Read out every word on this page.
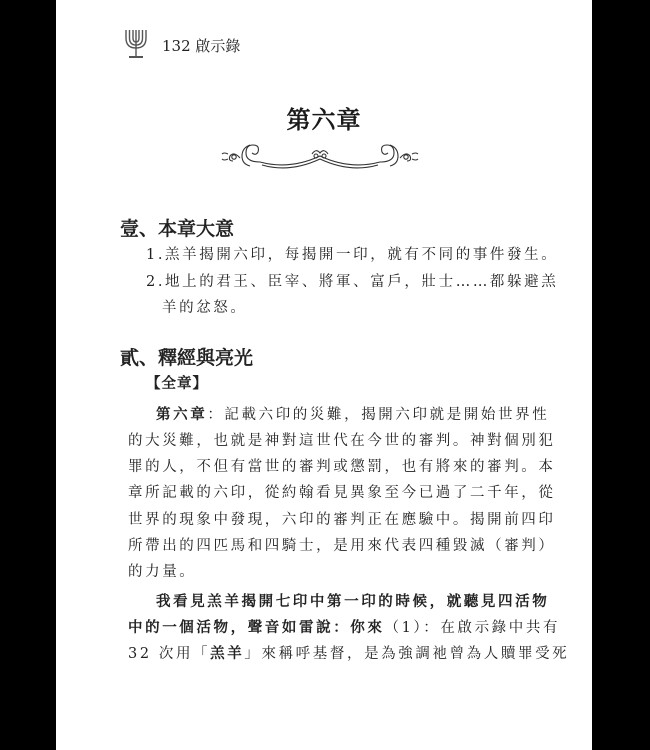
132 啟示錄
第六章
壹、本章大意
1.羔羊揭開六印，每揭開一印，就有不同的事件發生。
2.地上的君王、臣宰、將軍、富戶，壯士……都躲避羔
羊的忿怒。
貳、釋經與亮光
【全章】
第六章：記載六印的災難，揭開六印就是開始世界性
的大災難，也就是神對這世代在今世的審判。神對個別犯
罪的人，不但有當世的審判或懲罰，也有將來的審判。本
章所記載的六印，從約翰看見異象至今已過了二千年，從
世界的現象中發現，六印的審判正在應驗中。揭開前四印
所帶出的四匹馬和四騎士，是用來代表四種毀滅（審判）
的力量。
我看見羔羊揭開七印中第一印的時候，就聽見四活物
中的一個活物，聲音如雷說：你來（1）：在啟示錄中共有
32 次用「羔羊」來稱呼基督，是為強調祂曾為人贖罪受死
